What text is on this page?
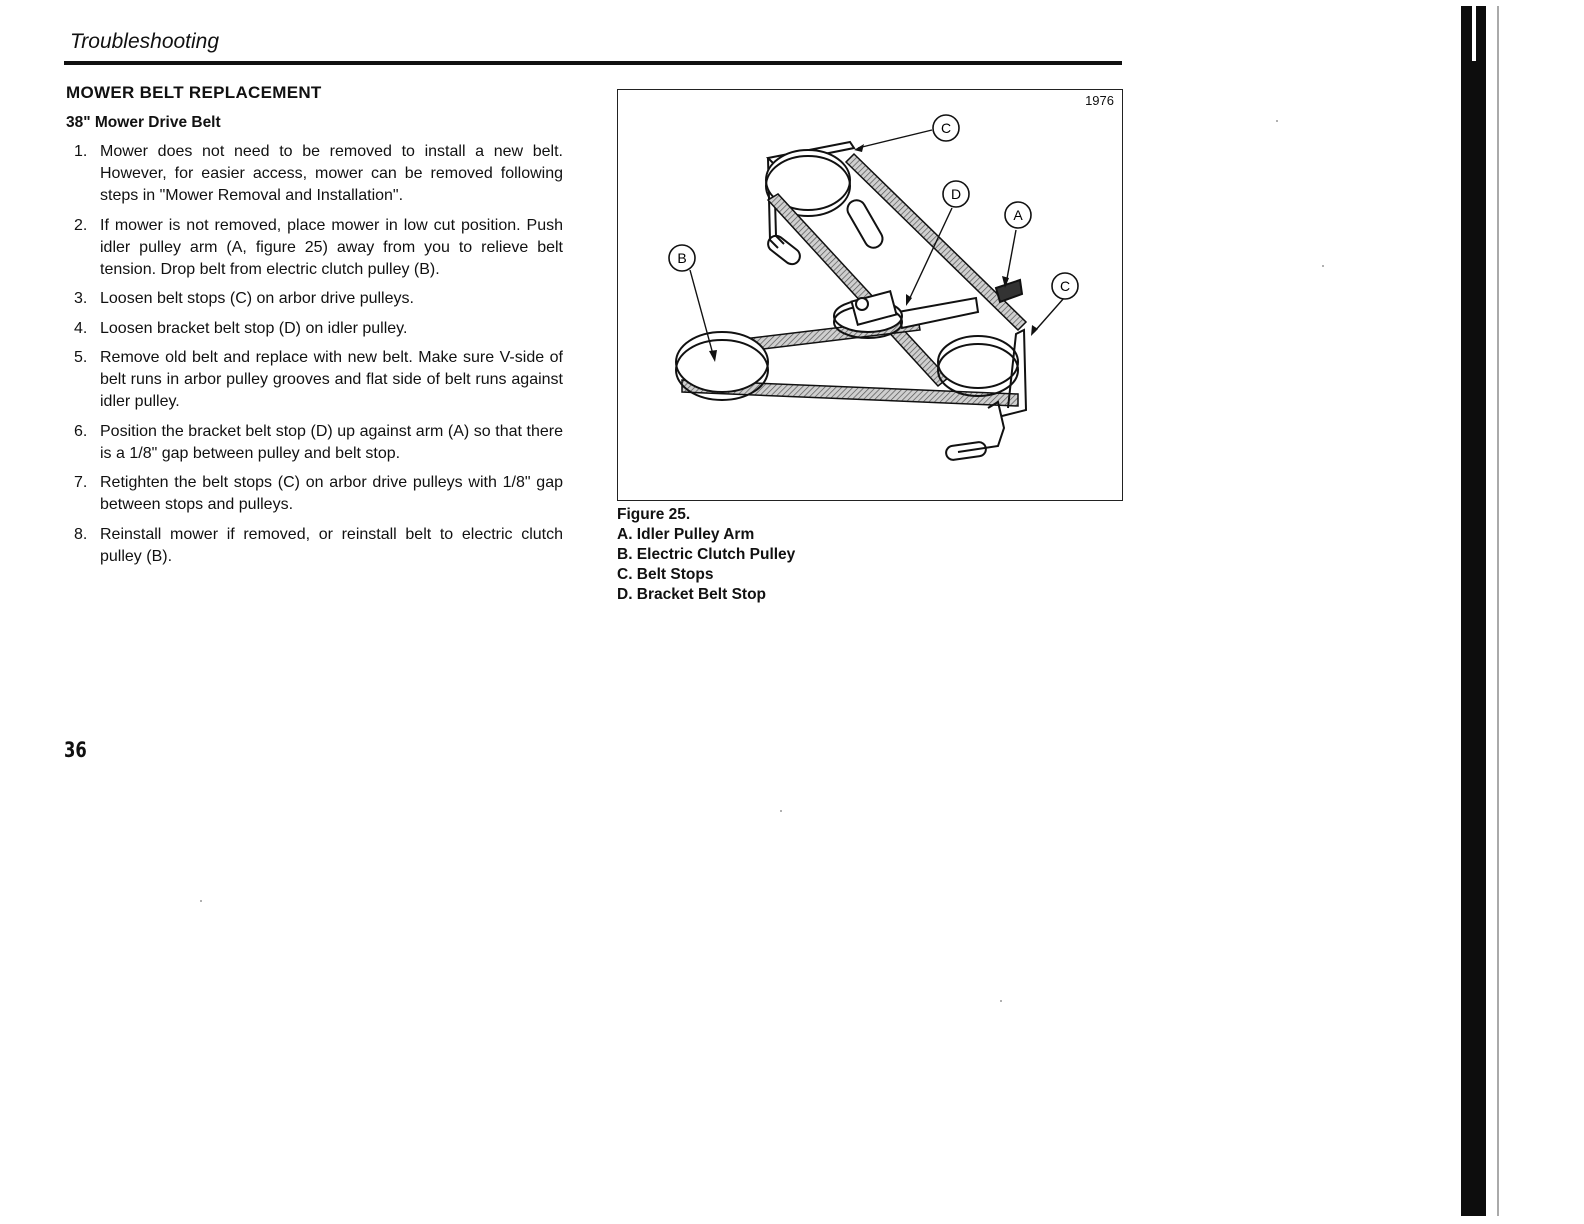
Troubleshooting
MOWER BELT REPLACEMENT
38" Mower Drive Belt
1. Mower does not need to be removed to install a new belt. However, for easier access, mower can be removed following steps in "Mower Removal and Installation".
2. If mower is not removed, place mower in low cut position. Push idler pulley arm (A, figure 25) away from you to relieve belt tension. Drop belt from electric clutch pulley (B).
3. Loosen belt stops (C) on arbor drive pulleys.
4. Loosen bracket belt stop (D) on idler pulley.
5. Remove old belt and replace with new belt. Make sure V-side of belt runs in arbor pulley grooves and flat side of belt runs against idler pulley.
6. Position the bracket belt stop (D) up against arm (A) so that there is a 1/8" gap between pulley and belt stop.
7. Retighten the belt stops (C) on arbor drive pulleys with 1/8" gap between stops and pulleys.
8. Reinstall mower if removed, or reinstall belt to electric clutch pulley (B).
1976
C
D
A
B
C
Figure 25.
A. Idler Pulley Arm
B. Electric Clutch Pulley
C. Belt Stops
D. Bracket Belt Stop
36
